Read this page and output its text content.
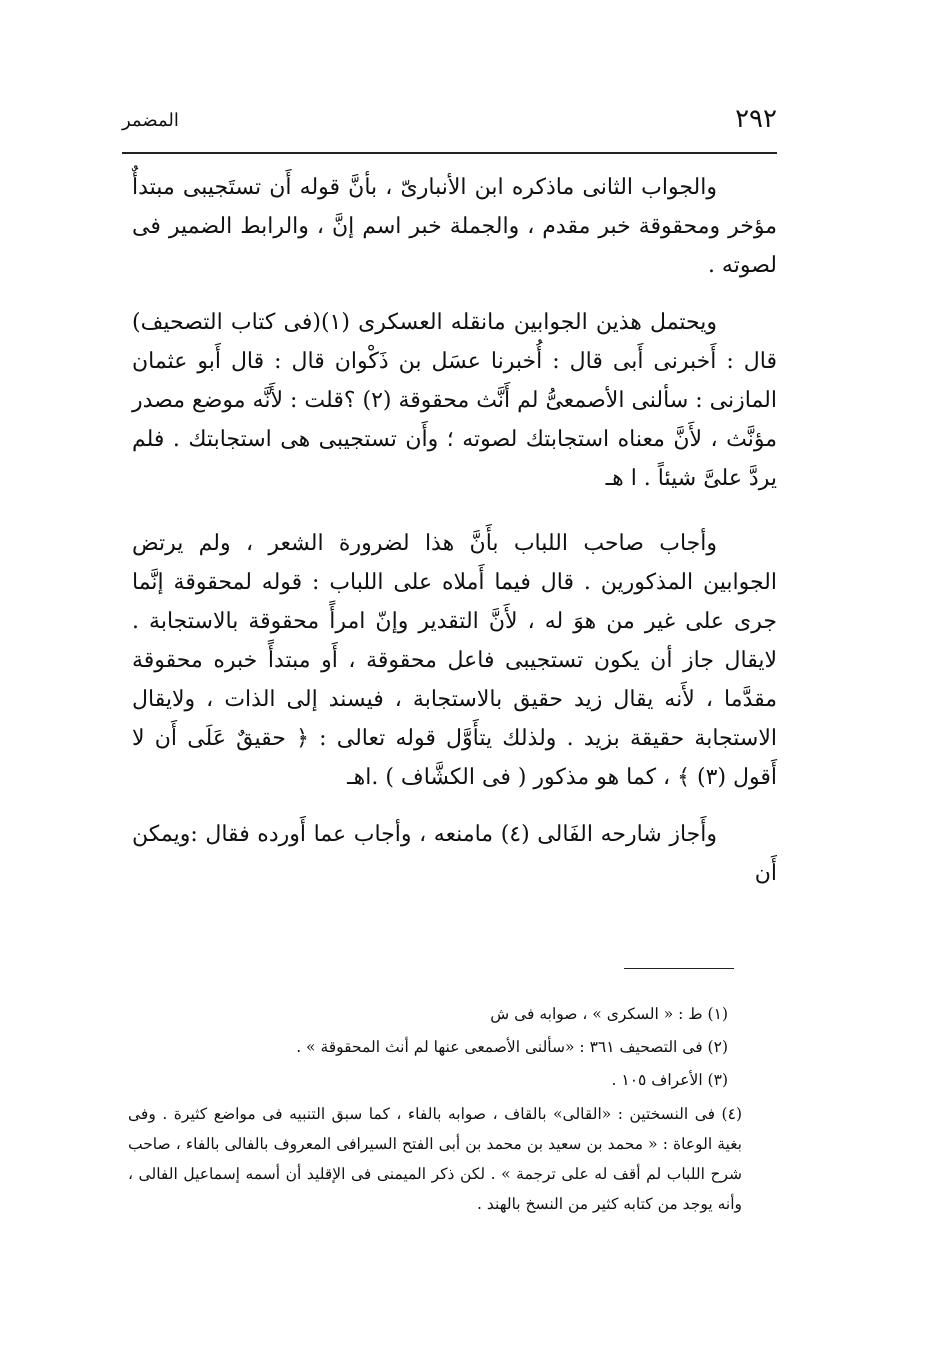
٢٩٢
المضمر

والجواب الثانى ماذكره ابن الأنبارىّ ، بأنَّ قوله أَن تستَجيبى مبتدأٌ مؤخر ومحقوقة خبر مقدم ، والجملة خبر اسم إنَّ ، والرابط الضمير فى لصوته .

ويحتمل هذين الجوابين مانقله العسكرى (١)(فى كتاب التصحيف) قال : أَخبرنى أَبى قال : أُخبرنا عسَل بن ذَكْوان قال : قال أَبو عثمان المازنى : سألنى الأصمعىُّ لم أَنَّث محقوقة (٢) ؟قلت : لأَنَّه موضع مصدر مؤنَّث ، لأَنَّ معناه استجابتك لصوته ؛ وأَن تستجيبى هى استجابتك . فلم يردَّ علىَّ شيئاً . ا هـ

وأجاب صاحب اللباب بأَنَّ هذا لضرورة الشعر ، ولم يرتض الجوابين المذكورين . قال فيما أَملاه على اللباب : قوله لمحقوقة إنَّما جرى على غير من هوَ له ، لأَنَّ التقدير وإنّ امرأً محقوقة بالاستجابة . لايقال جاز أن يكون تستجيبى فاعل محقوقة ، أَو مبتدأً خبره محقوقة مقدَّما ، لأَنه يقال زيد حقيق بالاستجابة ، فيسند إلى الذات ، ولايقال الاستجابة حقيقة بزيد . ولذلك يتأَوَّل قوله تعالى : ﴿ حقيقٌ عَلَى أَن لا أَقول (٣) ﴾ ، كما هو مذكور ( فى الكشَّاف ) .اهـ

وأَجاز شارحه الفَالى (٤) مامنعه ، وأجاب عما أَورده فقال :ويمكن أَن

(١) ط : « السكرى » ، صوابه فى ش
(٢) فى التصحيف ٣٦١ : «سألنى الأصمعى عنها لم أنث المحقوقة » .
(٣) الأعراف ١٠٥ .
(٤) فى النسختين : «القالى» بالقاف ، صوابه بالفاء ، كما سبق التنبيه فى مواضع كثيرة . وفى بغية الوعاة : « محمد بن سعيد بن محمد بن أبى الفتح السيرافى المعروف بالفالى بالفاء ، صاحب شرح اللباب لم أقف له على ترجمة » . لكن ذكر الميمنى فى الإقليد أن أسمه إسماعيل الفالى ، وأنه يوجد من كتابه كثير من النسخ بالهند .
